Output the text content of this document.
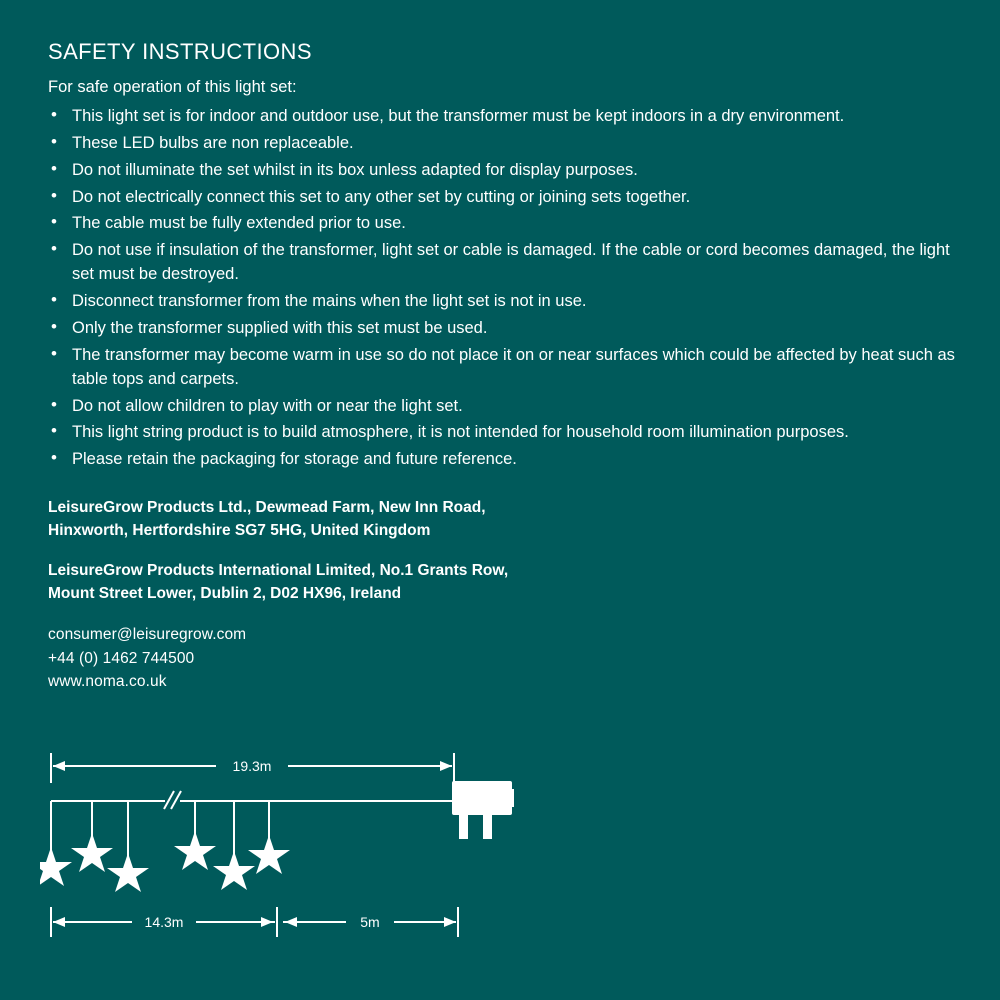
SAFETY INSTRUCTIONS

For safe operation of this light set:

• This light set is for indoor and outdoor use, but the transformer must be kept indoors in a dry environment.
• These LED bulbs are non replaceable.
• Do not illuminate the set whilst in its box unless adapted for display purposes.
• Do not electrically connect this set to any other set by cutting or joining sets together.
• The cable must be fully extended prior to use.
• Do not use if insulation of the transformer, light set or cable is damaged. If the cable or cord becomes damaged, the light set must be destroyed.
• Disconnect transformer from the mains when the light set is not in use.
• Only the transformer supplied with this set must be used.
• The transformer may become warm in use so do not place it on or near surfaces which could be affected by heat such as table tops and carpets.
• Do not allow children to play with or near the light set.
• This light string product is to build atmosphere, it is not intended for household room illumination purposes.
• Please retain the packaging for storage and future reference.
LeisureGrow Products Ltd., Dewmead Farm, New Inn Road,
Hinxworth, Hertfordshire SG7 5HG, United Kingdom
LeisureGrow Products International Limited, No.1 Grants Row,
Mount Street Lower, Dublin 2, D02 HX96, Ireland
consumer@leisuregrow.com
+44 (0) 1462 744500
www.noma.co.uk
19.3m
14.3m	5m
